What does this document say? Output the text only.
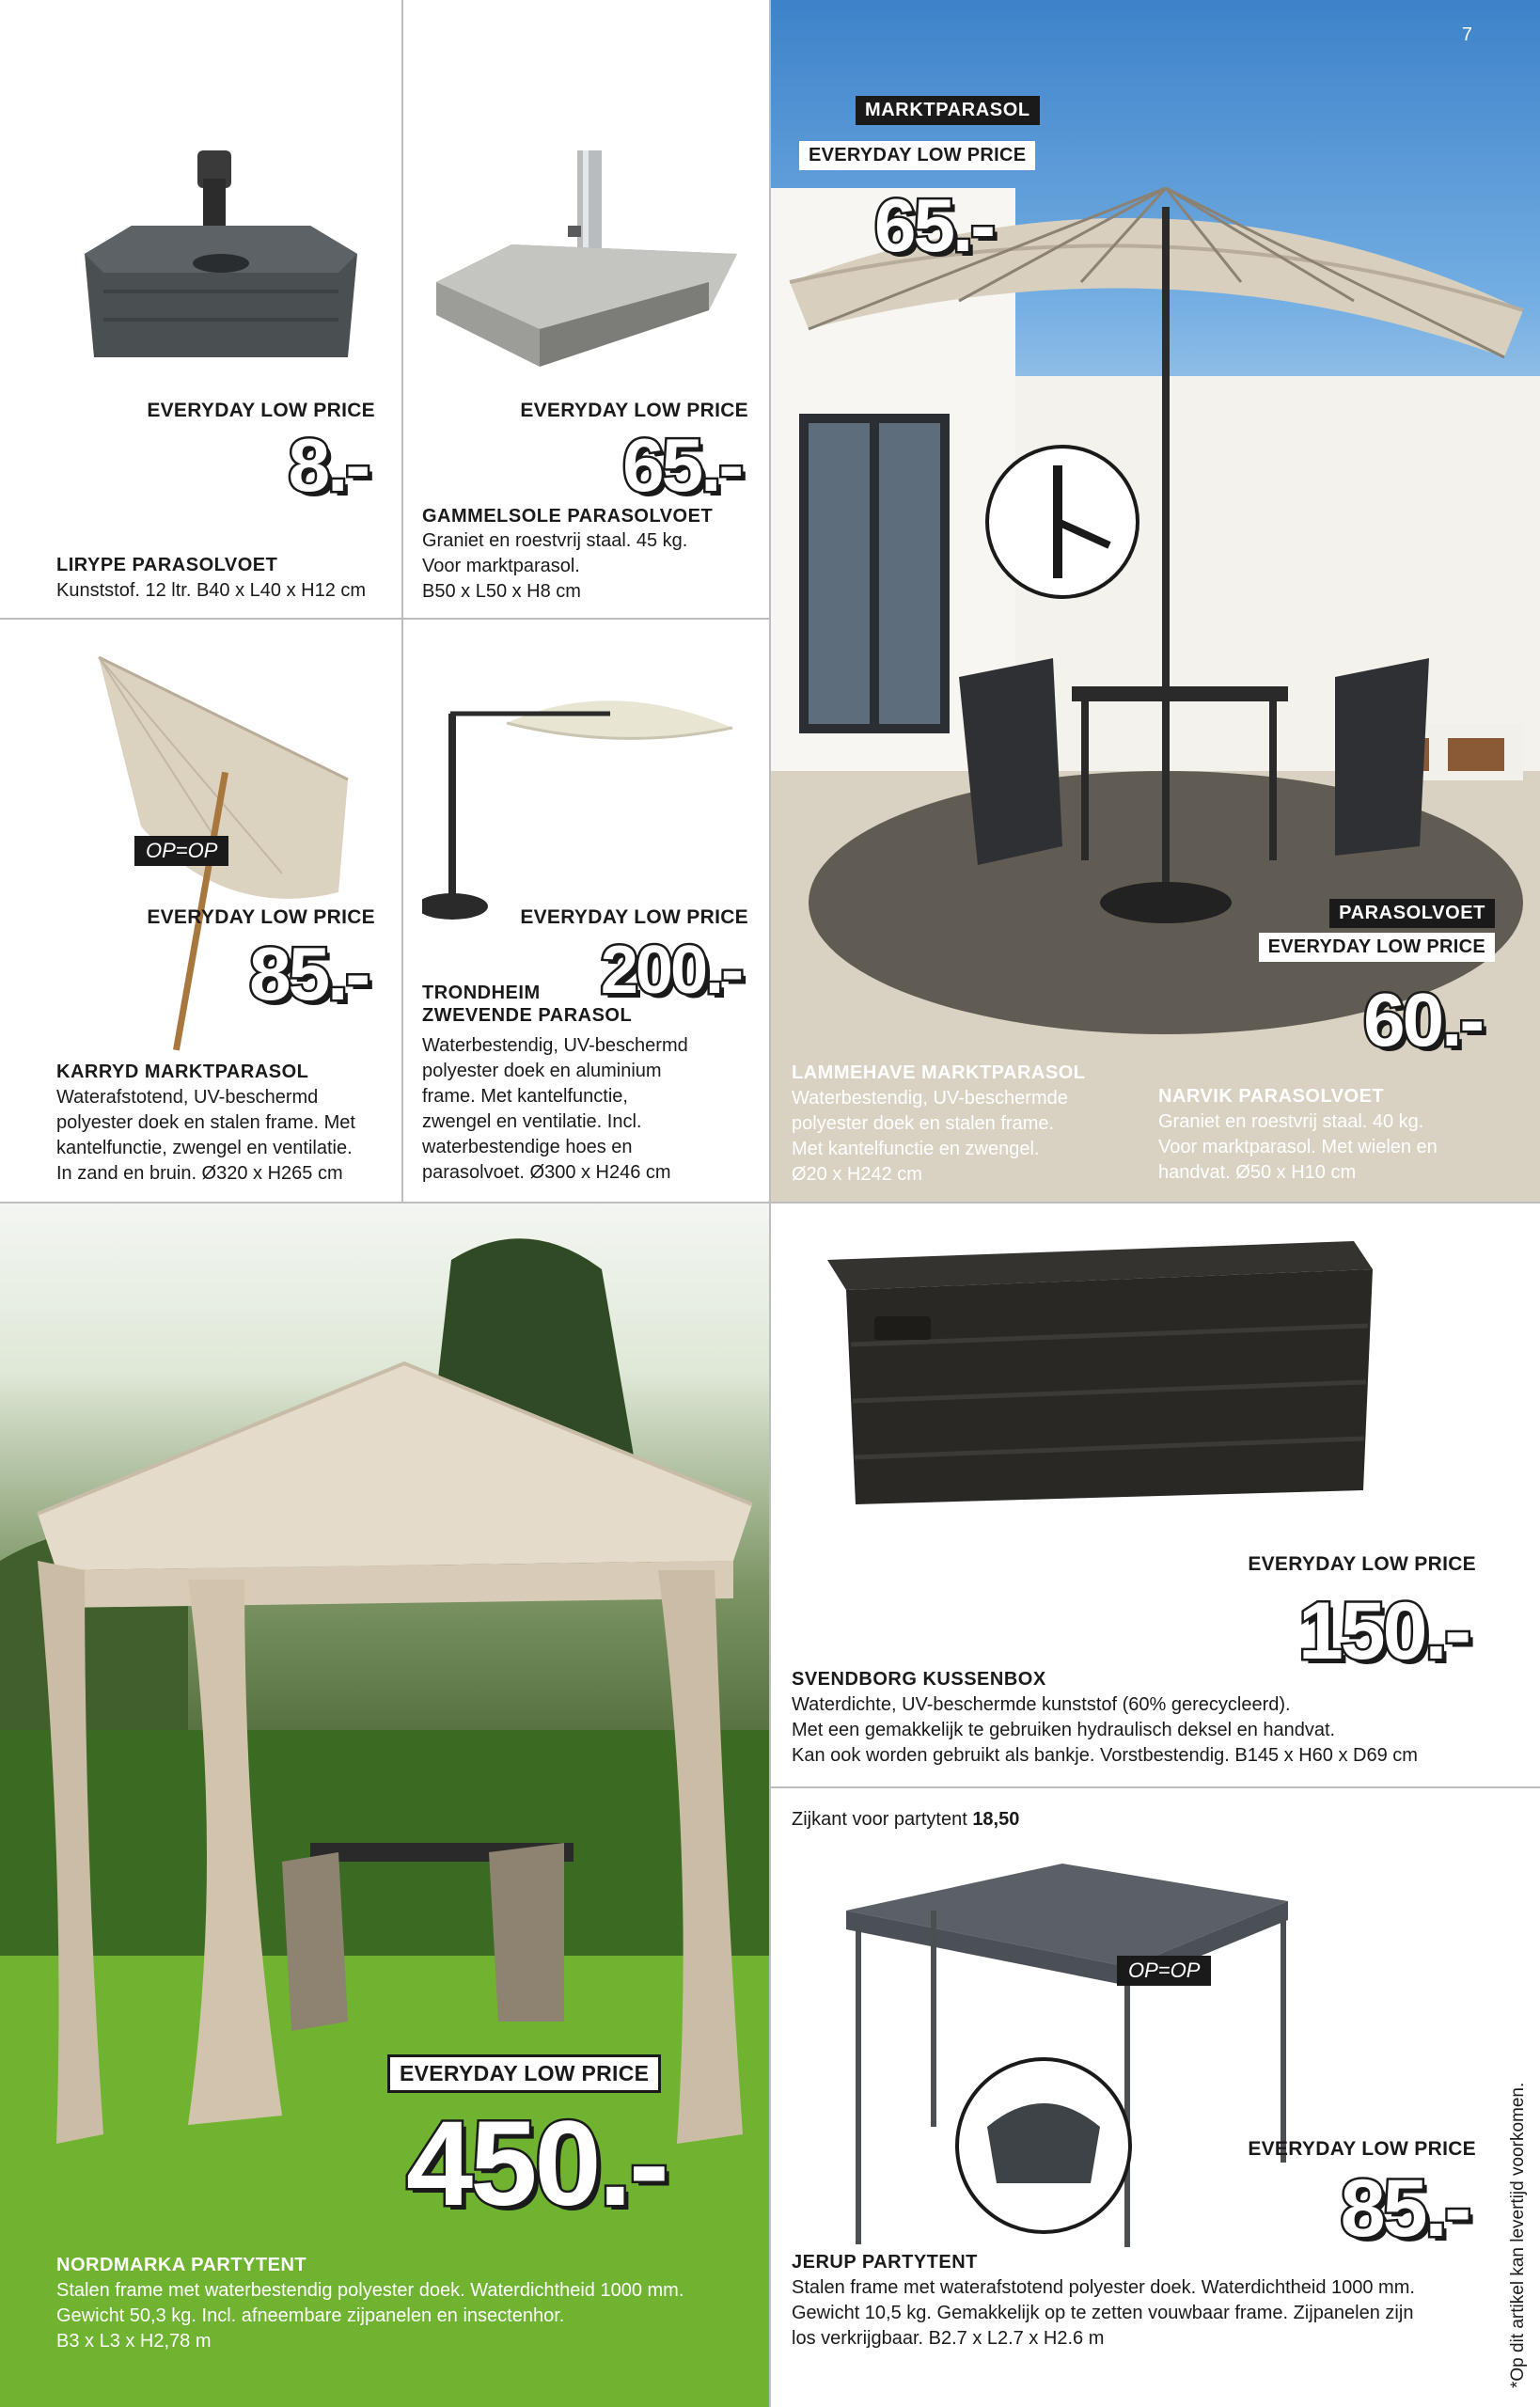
EVERYDAY LOW PRICE
8.-
LIRYPE PARASOLVOET
Kunststof. 12 ltr. B40 x L40 x H12 cm
EVERYDAY LOW PRICE
65.-
GAMMELSOLE PARASOLVOET
Graniet en roestvrij staal. 45 kg.
Voor marktparasol.
B50 x L50 x H8 cm
7
MARKTPARASOL
EVERYDAY LOW PRICE
65.-
LAMMEHAVE MARKTPARASOL
Waterbestendig, UV-beschermde
polyester doek en stalen frame.
Met kantelfunctie en zwengel.
Ø20 x H242 cm
PARASOLVOET
EVERYDAY LOW PRICE
60.-
NARVIK PARASOLVOET
Graniet en roestvrij staal. 40 kg.
Voor marktparasol. Met wielen en
handvat. Ø50 x H10 cm
OP=OP
EVERYDAY LOW PRICE
85.-
KARRYD MARKTPARASOL
Waterafstotend, UV-beschermd
polyester doek en stalen frame. Met
kantelfunctie, zwengel en ventilatie.
In zand en bruin. Ø320 x H265 cm
EVERYDAY LOW PRICE
200.-
TRONDHEIM
ZWEVENDE PARASOL
Waterbestendig, UV-beschermd
polyester doek en aluminium
frame. Met kantelfunctie,
zwengel en ventilatie. Incl.
waterbestendige hoes en
parasolvoet. Ø300 x H246 cm
EVERYDAY LOW PRICE
450.-
NORDMARKA PARTYTENT
Stalen frame met waterbestendig polyester doek. Waterdichtheid 1000 mm.
Gewicht 50,3 kg. Incl. afneembare zijpanelen en insectenhor.
B3 x L3 x H2,78 m
EVERYDAY LOW PRICE
150.-
SVENDBORG KUSSENBOX
Waterdichte, UV-beschermde kunststof (60% gerecycleerd).
Met een gemakkelijk te gebruiken hydraulisch deksel en handvat.
Kan ook worden gebruikt als bankje. Vorstbestendig. B145 x H60 x D69 cm
Zijkant voor partytent 18,50
OP=OP
EVERYDAY LOW PRICE
85.-
JERUP PARTYTENT
Stalen frame met waterafstotend polyester doek. Waterdichtheid 1000 mm.
Gewicht 10,5 kg. Gemakkelijk op te zetten vouwbaar frame. Zijpanelen zijn
los verkrijgbaar. B2.7 x L2.7 x H2.6 m	*Op dit artikel kan levertijd voorkomen.
